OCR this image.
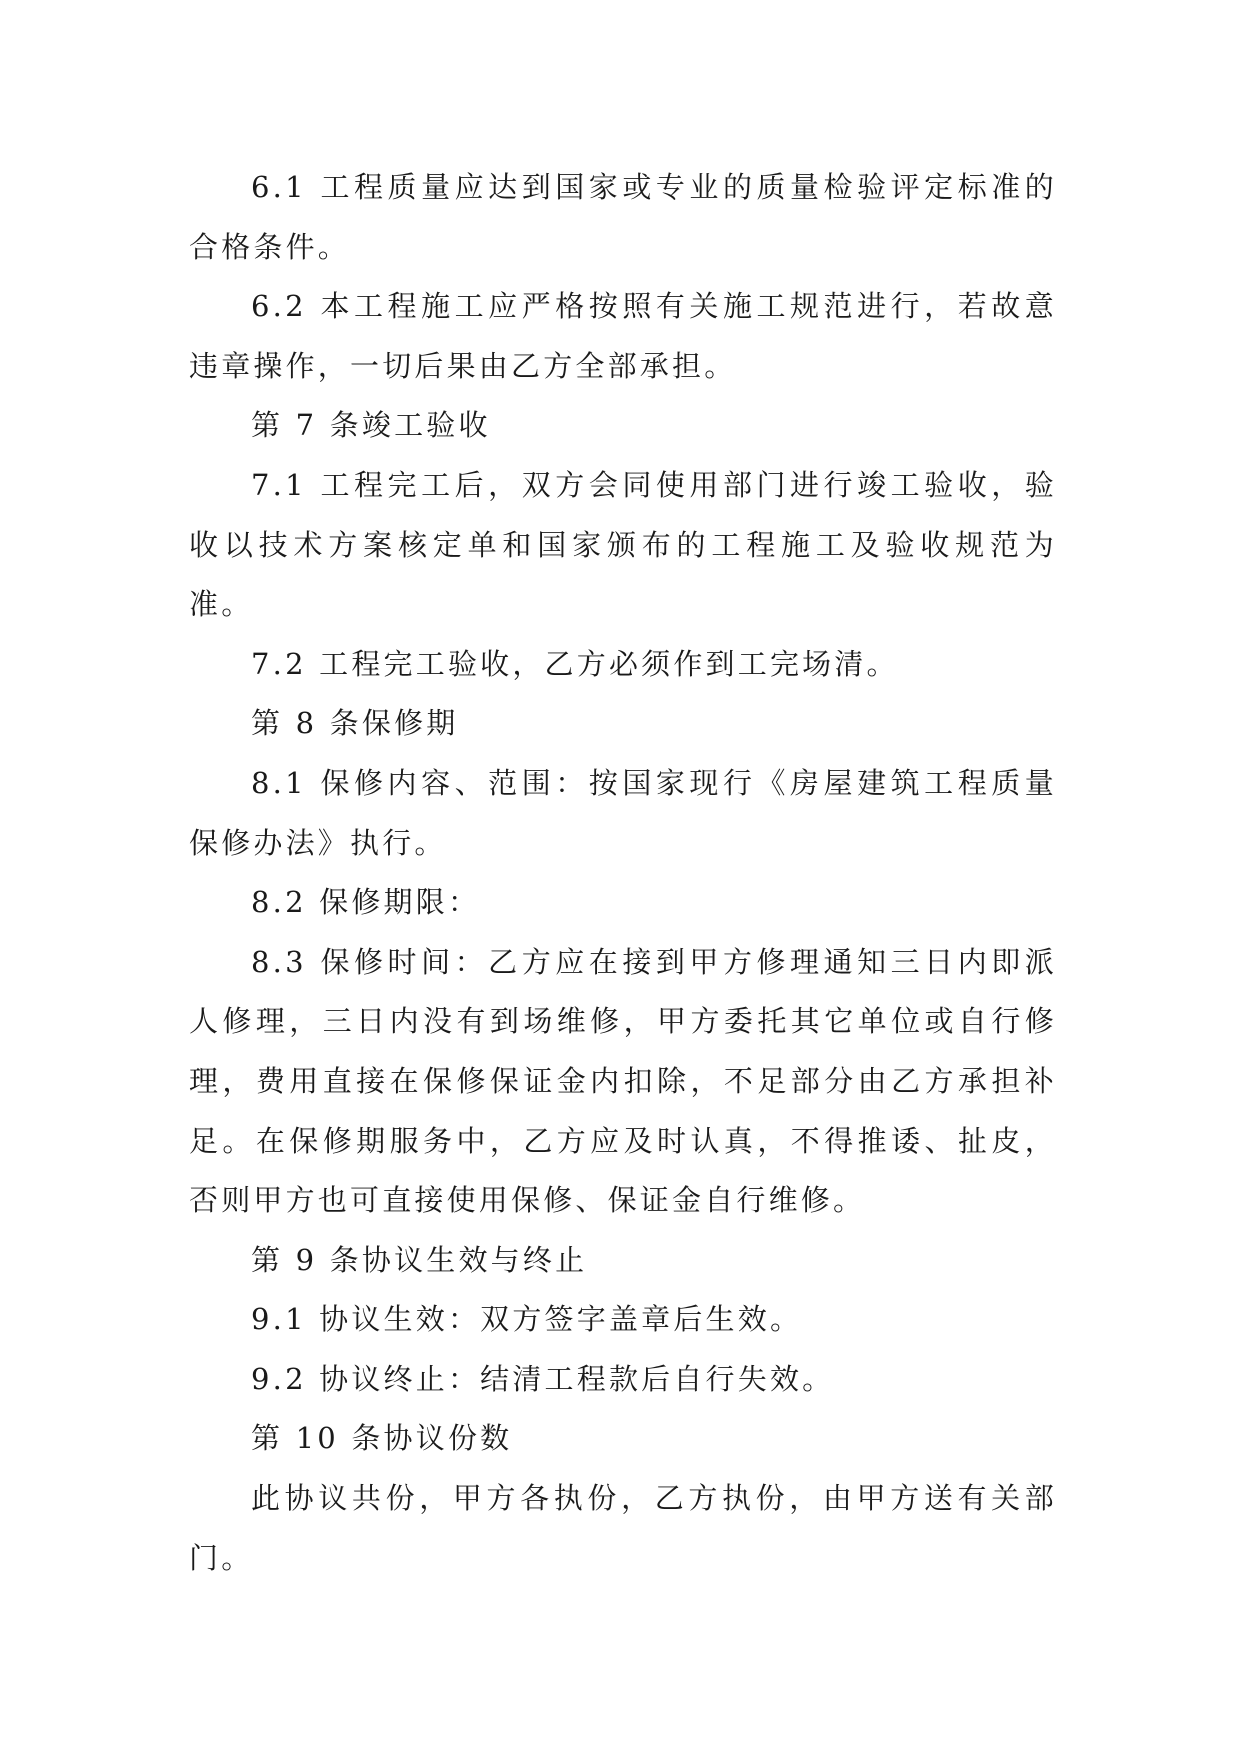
6.1 工程质量应达到国家或专业的质量检验评定标准的合格条件。

6.2 本工程施工应严格按照有关施工规范进行，若故意违章操作，一切后果由乙方全部承担。

第 7 条竣工验收

7.1 工程完工后，双方会同使用部门进行竣工验收，验收以技术方案核定单和国家颁布的工程施工及验收规范为准。

7.2 工程完工验收，乙方必须作到工完场清。

第 8 条保修期

8.1 保修内容、范围：按国家现行《房屋建筑工程质量保修办法》执行。

8.2 保修期限：

8.3 保修时间：乙方应在接到甲方修理通知三日内即派人修理，三日内没有到场维修，甲方委托其它单位或自行修理，费用直接在保修保证金内扣除，不足部分由乙方承担补足。在保修期服务中，乙方应及时认真，不得推诿、扯皮，否则甲方也可直接使用保修、保证金自行维修。

第 9 条协议生效与终止

9.1 协议生效：双方签字盖章后生效。

9.2 协议终止：结清工程款后自行失效。

第 10 条协议份数

此协议共份，甲方各执份，乙方执份，由甲方送有关部门。
